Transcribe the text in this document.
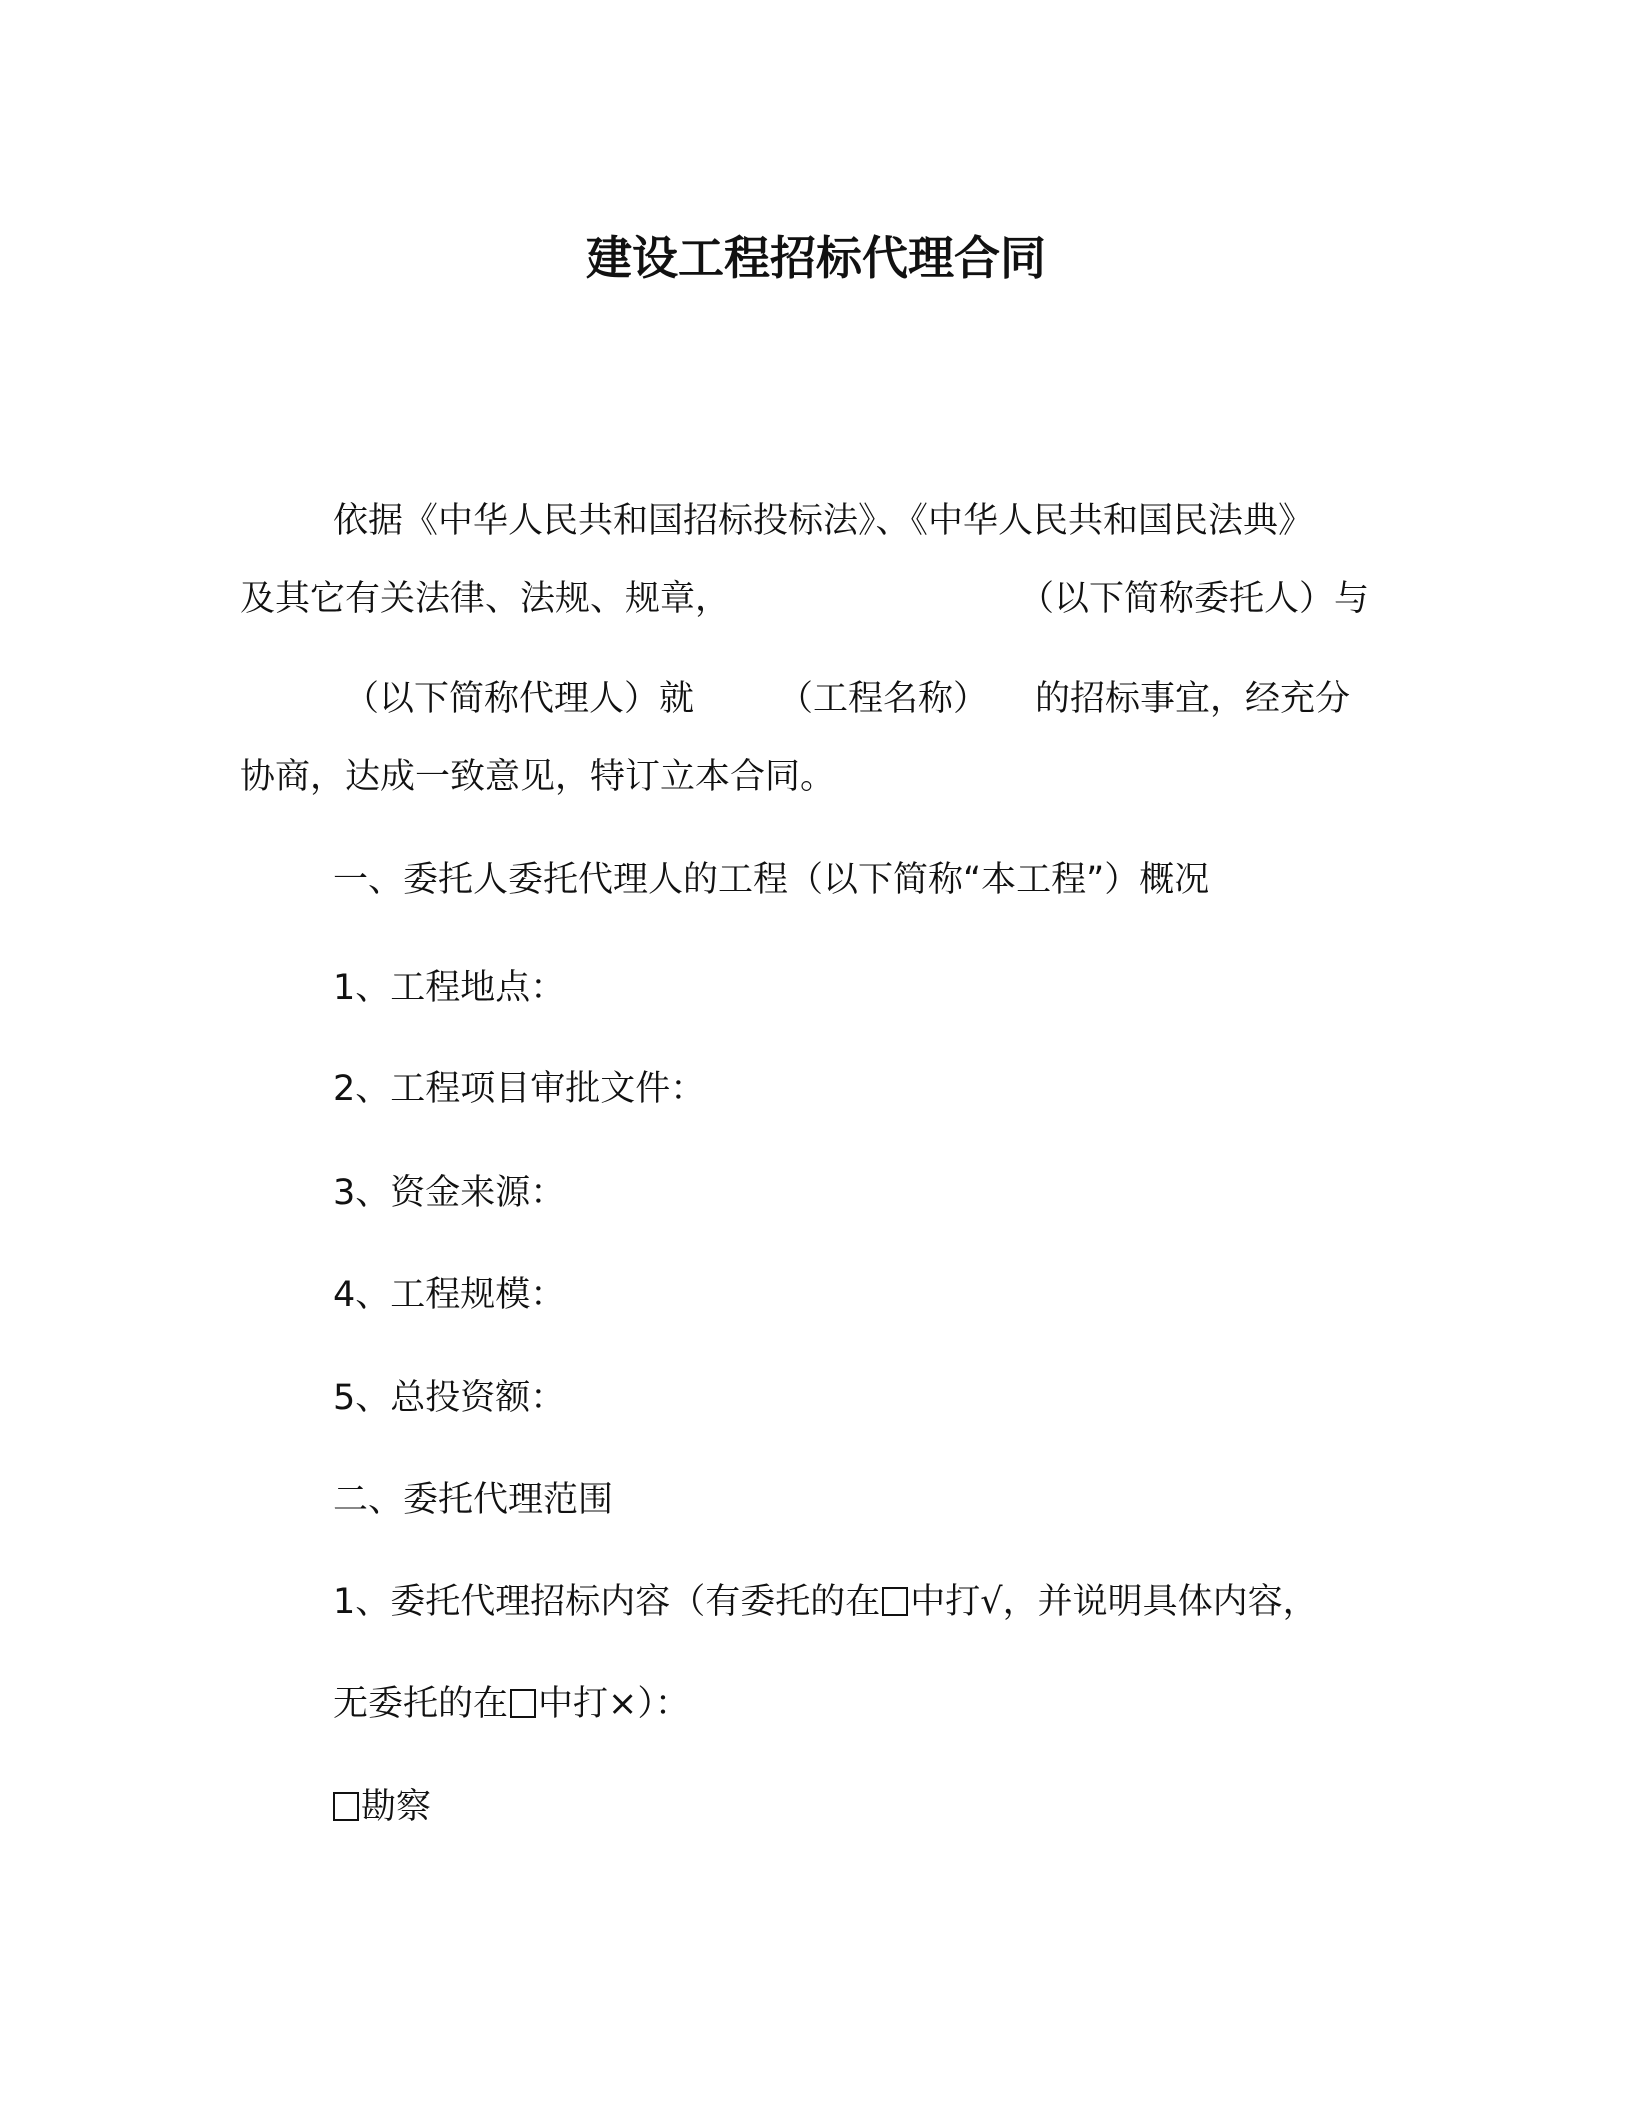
建设工程招标代理合同
依据《中华人民共和国招标投标法》、《中华人民共和国民法典》
及其它有关法律、法规、规章，	（以下简称委托人）与
（以下简称代理人）就 （工程名称） 的招标事宜，经充分
协商，达成一致意见，特订立本合同。
一、委托人委托代理人的工程（以下简称“本工程”）概况
1、工程地点：
2、工程项目审批文件：
3、资金来源：
4、工程规模：
5、总投资额：
二、委托代理范围
1、委托代理招标内容（有委托的在 中打√，并说明具体内容，
无委托的在 中打×）：
勘察
